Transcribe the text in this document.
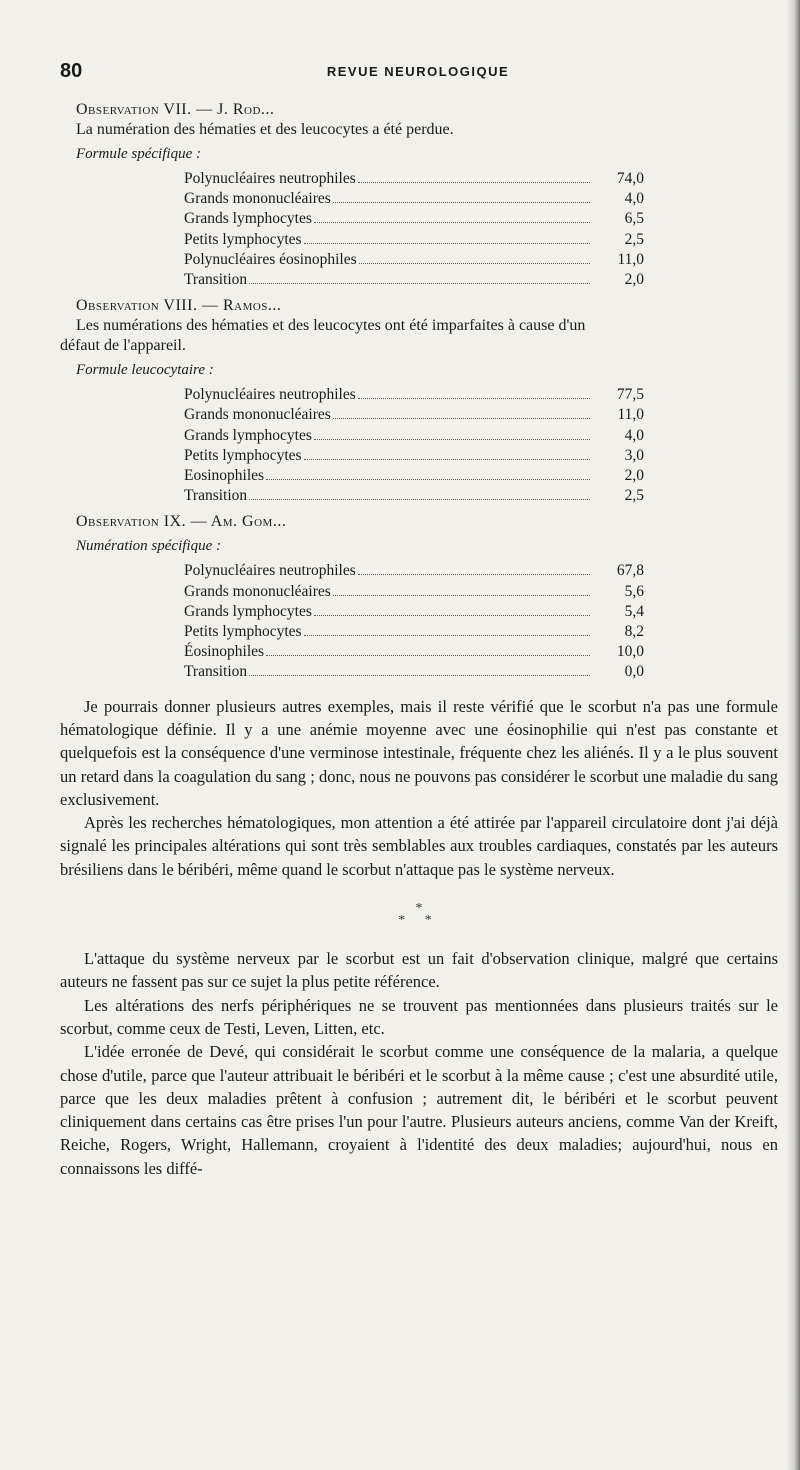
80	REVUE NEUROLOGIQUE
Observation VII. — J. Rod...
La numération des hématies et des leucocytes a été perdue.
Formule spécifique :
Polynucléaires neutrophiles	74,0
Grands mononucléaires	4,0
Grands lymphocytes	6,5
Petits lymphocytes	2,5
Polynucléaires éosinophiles	11,0
Transition	2,0
Observation VIII. — Ramos...
Les numérations des hématies et des leucocytes ont été imparfaites à cause d'un
défaut de l'appareil.
Formule leucocytaire :
Polynucléaires neutrophiles	77,5
Grands mononucléaires	11,0
Grands lymphocytes	4,0
Petits lymphocytes	3,0
Eosinophiles	2,0
Transition	2,5
Observation IX. — Am. Gom...
Numération spécifique :
Polynucléaires neutrophiles	67,8
Grands mononucléaires	5,6
Grands lymphocytes	5,4
Petits lymphocytes	8,2
Éosinophiles	10,0
Transition	0,0

Je pourrais donner plusieurs autres exemples, mais il reste vérifié que le scorbut n'a pas une formule hématologique définie. Il y a une anémie moyenne avec une éosinophilie qui n'est pas constante et quelquefois est la conséquence d'une verminose intestinale, fréquente chez les aliénés. Il y a le plus souvent un retard dans la coagulation du sang ; donc, nous ne pouvons pas considérer le scorbut une maladie du sang exclusivement.

Après les recherches hématologiques, mon attention a été attirée par l'appareil circulatoire dont j'ai déjà signalé les principales altérations qui sont très semblables aux troubles cardiaques, constatés par les auteurs brésiliens dans le béribéri, même quand le scorbut n'attaque pas le système nerveux.

*
* *

L'attaque du système nerveux par le scorbut est un fait d'observation clinique, malgré que certains auteurs ne fassent pas sur ce sujet la plus petite référence.

Les altérations des nerfs périphériques ne se trouvent pas mentionnées dans plusieurs traités sur le scorbut, comme ceux de Testi, Leven, Litten, etc.

L'idée erronée de Devé, qui considérait le scorbut comme une conséquence de la malaria, a quelque chose d'utile, parce que l'auteur attribuait le béribéri et le scorbut à la même cause ; c'est une absurdité utile, parce que les deux maladies prêtent à confusion ; autrement dit, le béribéri et le scorbut peuvent cliniquement dans certains cas être prises l'un pour l'autre. Plusieurs auteurs anciens, comme Van der Kreift, Reiche, Rogers, Wright, Hallemann, croyaient à l'identité des deux maladies; aujourd'hui, nous en connaissons les diffé-
